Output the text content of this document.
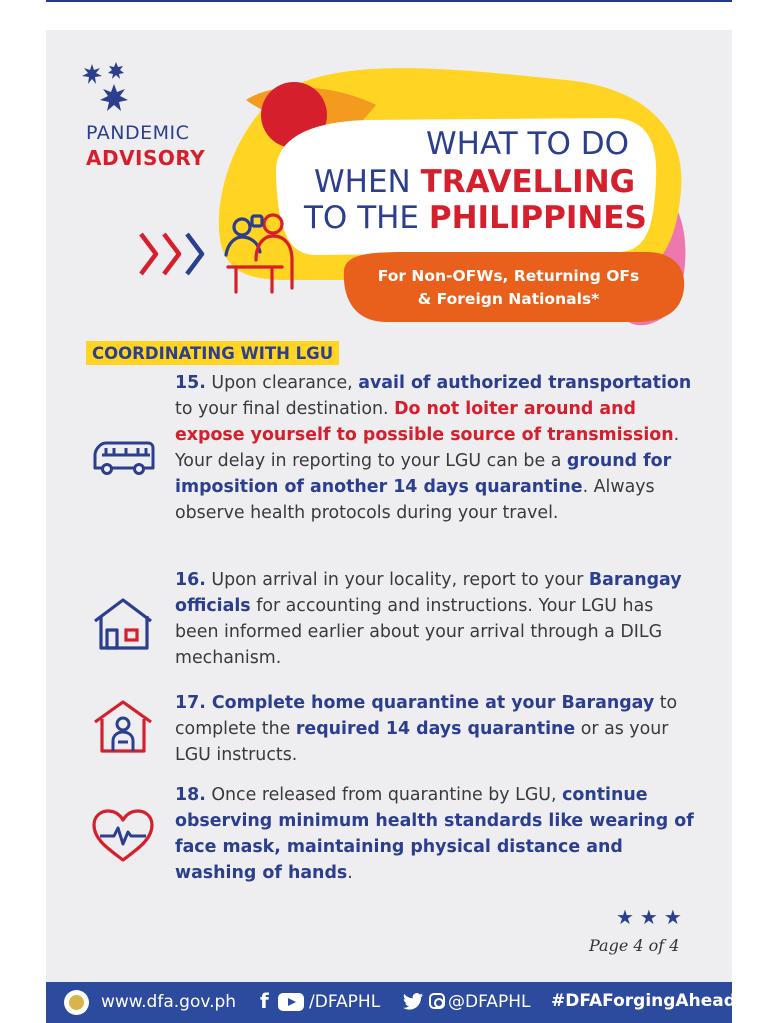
PANDEMIC
ADVISORY	WHAT TO DO
WHEN TRAVELLING
TO THE PHILIPPINES
For Non-OFWs, Returning OFs
& Foreign Nationals*
COORDINATING WITH LGU
15. Upon clearance, avail of authorized transportation to your final destination. Do not loiter around and expose yourself to possible source of transmission. Your delay in reporting to your LGU can be a ground for imposition of another 14 days quarantine. Always observe health protocols during your travel.
16. Upon arrival in your locality, report to your Barangay officials for accounting and instructions. Your LGU has been informed earlier about your arrival through a DILG mechanism.
17. Complete home quarantine at your Barangay to complete the required 14 days quarantine or as your LGU instructs.
18. Once released from quarantine by LGU, continue observing minimum health standards like wearing of face mask, maintaining physical distance and washing of hands.
★★★
Page 4 of 4
www.dfa.gov.ph f /DFAPHL	@DFAPHL #DFAForgingAhead
